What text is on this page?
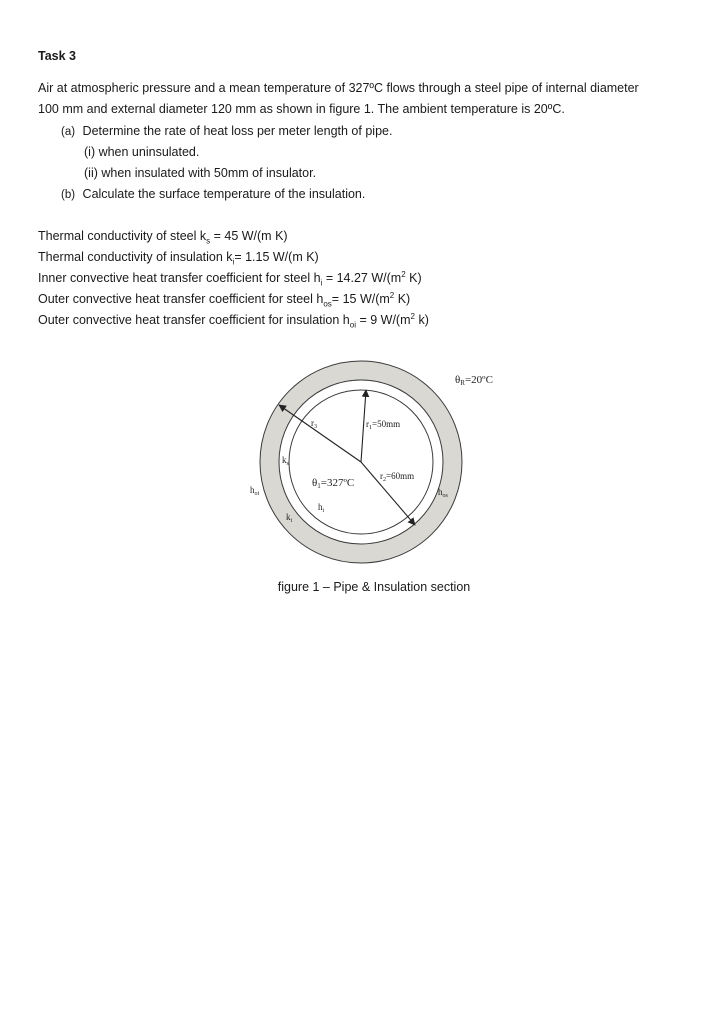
Task 3
Air at atmospheric pressure and a mean temperature of 327ºC flows through a steel pipe of internal diameter
100 mm and external diameter 120 mm as shown in figure 1. The ambient temperature is 20ºC.
(a) Determine the rate of heat loss per meter length of pipe.
(i) when uninsulated.
(ii) when insulated with 50mm of insulator.
(b) Calculate the surface temperature of the insulation.
Thermal conductivity of steel $k_s = 45$ W/(m K)
Thermal conductivity of insulation $k_i= 1.15$ W/(m K)
Inner convective heat transfer coefficient for steel $h_i = 14.27$ $W/(m^2$ K)
Outer convective heat transfer coefficient for steel $h_{os}= 15$ $W/(m^2$ K)
Outer convective heat transfer coefficient for insulation $h_{oi} = 9$ $W/(m^2$ k)
θR=20ºC
$r_3$	$r_1=50mm$
$r_2=60mm$
$k_s$
θ1=327ºC
$h_{oi}$	$h_{os}$
$h_i$
$k_i$
figure 1 – Pipe & Insulation section
